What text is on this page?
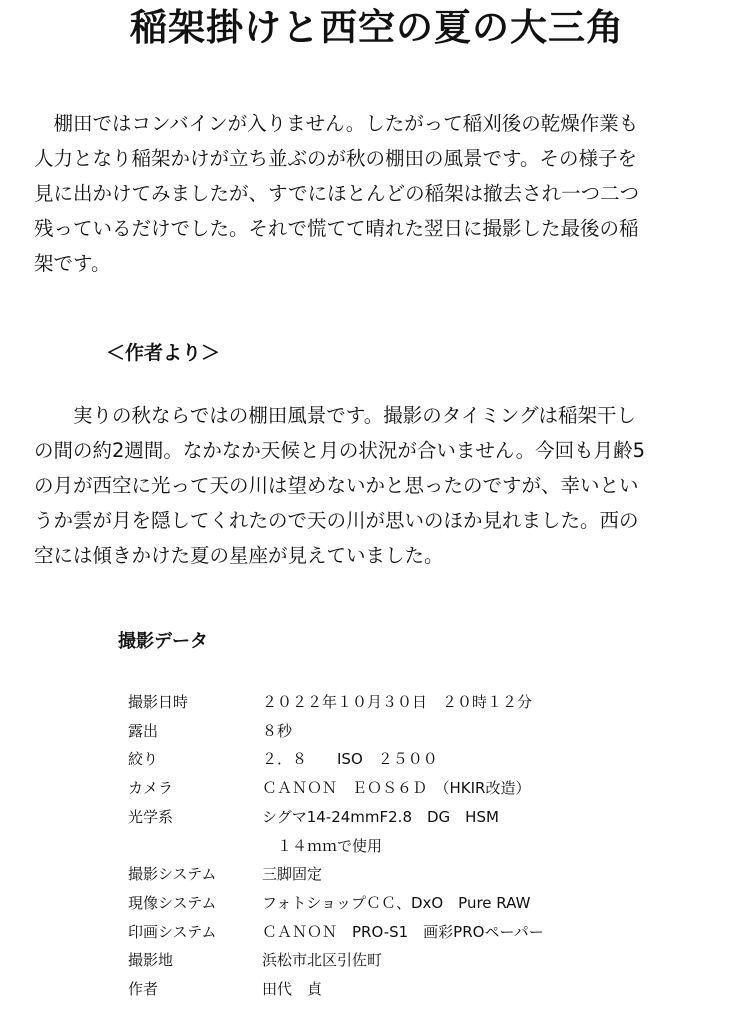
稲架掛けと西空の夏の大三角
　棚田ではコンバインが入りません。したがって稲刈後の乾燥作業も
人力となり稲架かけが立ち並ぶのが秋の棚田の風景です。その様子を
見に出かけてみましたが、すでにほとんどの稲架は撤去され一つ二つ
残っているだけでした。それで慌てて晴れた翌日に撮影した最後の稲
架です。
＜作者より＞
　　実りの秋ならではの棚田風景です。撮影のタイミングは稲架干し
の間の約2週間。なかなか天候と月の状況が合いません。今回も月齢5
の月が西空に光って天の川は望めないかと思ったのですが、幸いとい
うか雲が月を隠してくれたので天の川が思いのほか見れました。西の
空には傾きかけた夏の星座が見えていました。
撮影データ
撮影日時	２０２２年１０月３０日　２０時１２分
露出	８秒
絞り	２．８　　ISO　２５００
カメラ	ＣＡＮＯＮ　ＥＯＳ６Ｄ　（HKIR改造）
光学系	シグマ14-24mmF2.8　DG　HSM
　１４ｍｍで使用
撮影システム	三脚固定
現像システム	フォトショップＣＣ、DxO　Pure RAW
印画システム	ＣＡＮＯＮ　PRO-S1　画彩PROペーパー
撮影地	浜松市北区引佐町
作者	田代　貞
